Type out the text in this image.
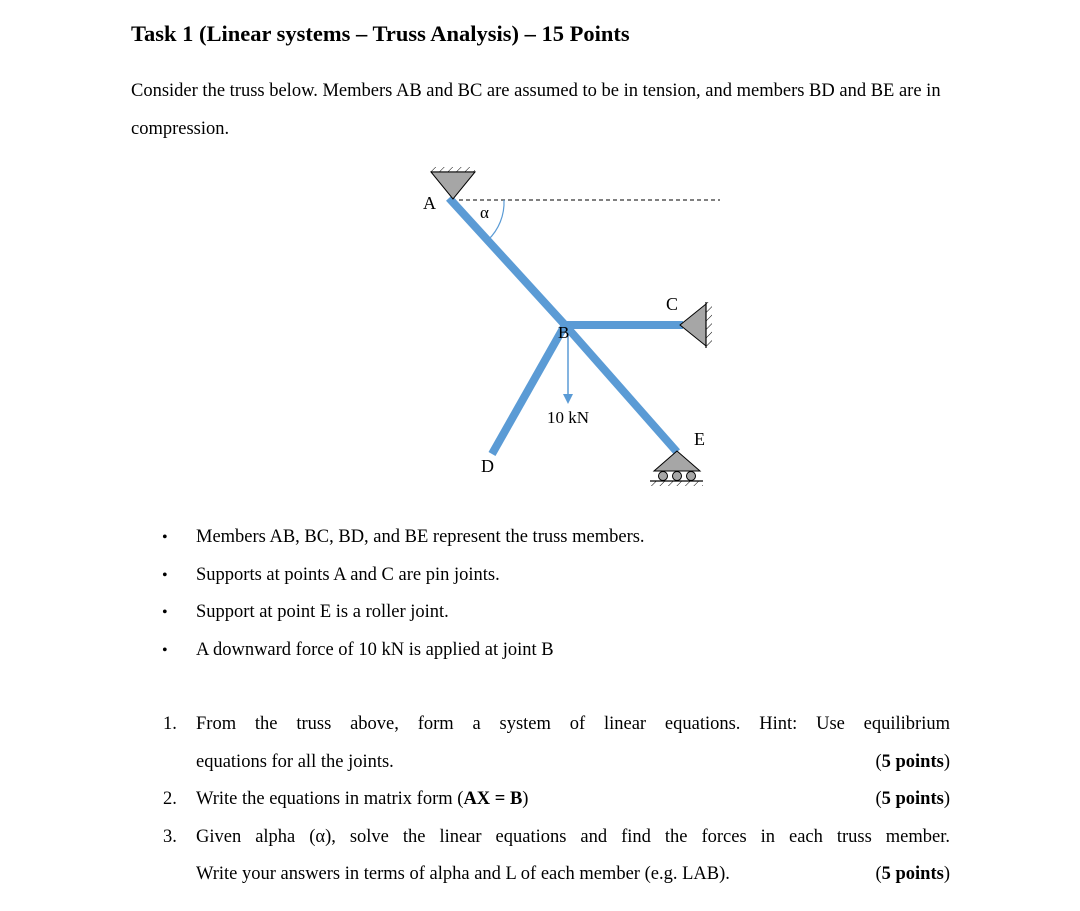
Task 1 (Linear systems – Truss Analysis) – 15 Points

Consider the truss below. Members AB and BC are assumed to be in tension, and members BD and BE are in compression.

A	α
B
C
10 kN
E
D
• Members AB, BC, BD, and BE represent the truss members.
• Supports at points A and C are pin joints.
• Support at point E is a roller joint.
• A downward force of 10 kN is applied at joint B
1. From the truss above, form a system of linear equations. Hint: Use equilibrium
equations for all the joints.	(5 points)
2. Write the equations in matrix form (AX = B)	(5 points)
3. Given alpha (α), solve the linear equations and find the forces in each truss member.
Write your answers in terms of alpha and L of each member (e.g. LAB).	(5 points)
